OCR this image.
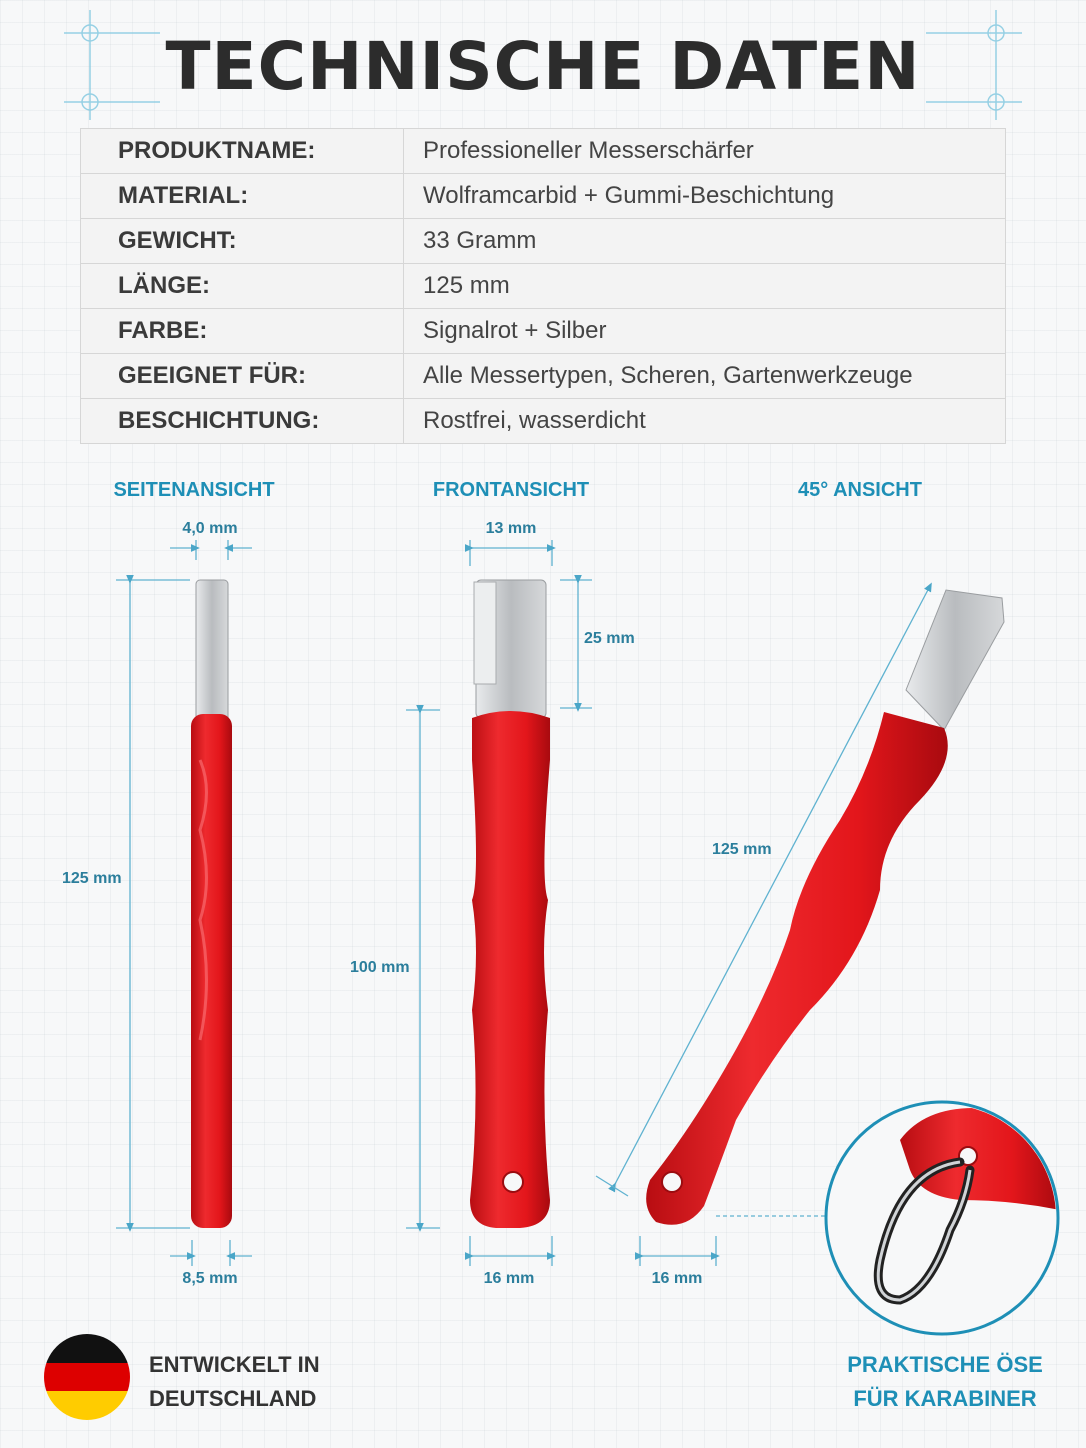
TECHNISCHE DATEN
PRODUKTNAME:	Professioneller Messerschärfer
MATERIAL:	Wolframcarbid + Gummi-Beschichtung
GEWICHT:	33 Gramm
LÄNGE:	125 mm
FARBE:	Signalrot + Silber
GEEIGNET FÜR:	Alle Messertypen, Scheren, Gartenwerkzeuge
BESCHICHTUNG:	Rostfrei, wasserdicht
SEITENANSICHT	FRONTANSICHT	45° ANSICHT
4,0 mm
125 mm
8,5 mm
13 mm
25 mm
100 mm
16 mm
125 mm
16 mm
ENTWICKELT IN
DEUTSCHLAND
PRAKTISCHE ÖSE
FÜR KARABINER
